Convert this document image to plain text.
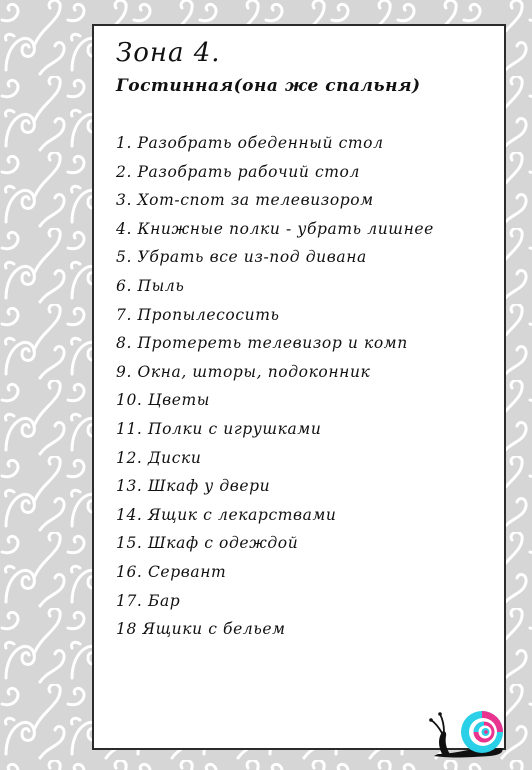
Зона 4.
Гостинная(она же спальня)
1. Разобрать обеденный стол
2. Разобрать рабочий стол
3. Хот-спот за телевизором
4. Книжные полки - убрать лишнее
5. Убрать все из-под дивана
6. Пыль
7. Пропылесосить
8. Протереть телевизор и комп
9. Окна, шторы, подоконник
10. Цветы
11. Полки с игрушками
12. Диски
13. Шкаф у двери
14. Ящик с лекарствами
15. Шкаф с одеждой
16. Сервант
17. Бар
18 Ящики с бельем
